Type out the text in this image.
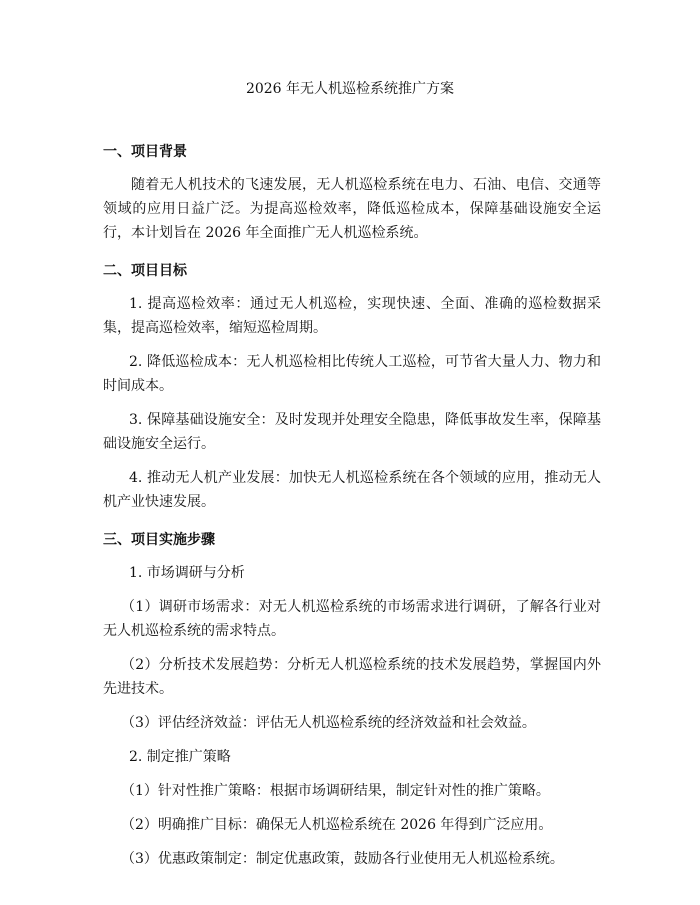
2026 年无人机巡检系统推广方案
一、项目背景

随着无人机技术的飞速发展，无人机巡检系统在电力、石油、电信、交通等领域的应用日益广泛。为提高巡检效率，降低巡检成本，保障基础设施安全运行，本计划旨在 2026 年全面推广无人机巡检系统。

二、项目目标

1. 提高巡检效率：通过无人机巡检，实现快速、全面、准确的巡检数据采集，提高巡检效率，缩短巡检周期。

2. 降低巡检成本：无人机巡检相比传统人工巡检，可节省大量人力、物力和时间成本。

3. 保障基础设施安全：及时发现并处理安全隐患，降低事故发生率，保障基础设施安全运行。

4. 推动无人机产业发展：加快无人机巡检系统在各个领域的应用，推动无人机产业快速发展。

三、项目实施步骤

1. 市场调研与分析

（1）调研市场需求：对无人机巡检系统的市场需求进行调研，了解各行业对无人机巡检系统的需求特点。

（2）分析技术发展趋势：分析无人机巡检系统的技术发展趋势，掌握国内外先进技术。

（3）评估经济效益：评估无人机巡检系统的经济效益和社会效益。

2. 制定推广策略

（1）针对性推广策略：根据市场调研结果，制定针对性的推广策略。

（2）明确推广目标：确保无人机巡检系统在 2026 年得到广泛应用。

（3）优惠政策制定：制定优惠政策，鼓励各行业使用无人机巡检系统。
